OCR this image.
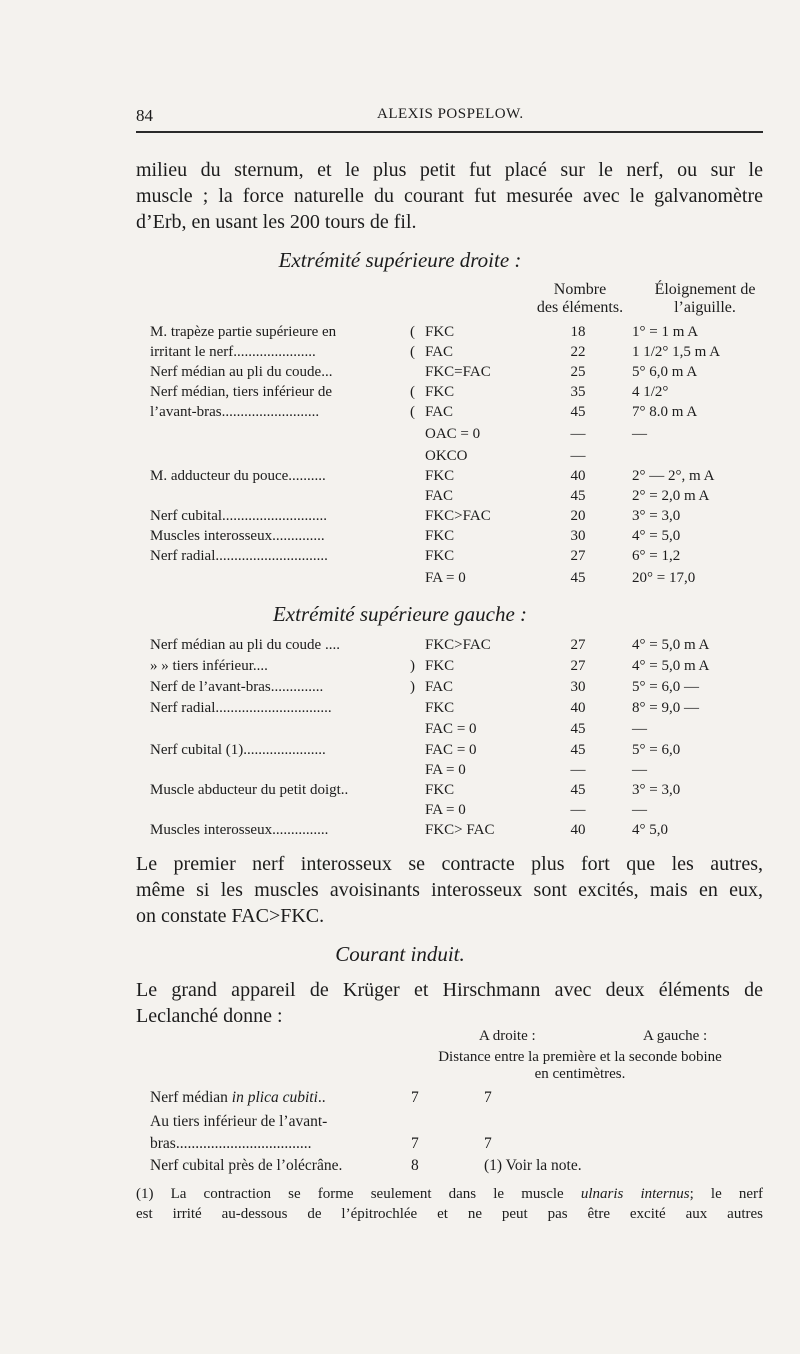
84	ALEXIS POSPELOW.
milieu du sternum, et le plus petit fut placé sur le nerf, ou sur le
muscle ; la force naturelle du courant fut mesurée avec le galvanomètre
d’Erb, en usant les 200 tours de fil.
Extrémité supérieure droite :
Nombre
des éléments.
Éloignement de
l’aiguille.
M. trapèze partie supérieure en	FKC	18	1° = 1 m A
(
irritant le nerf......................	FAC	22	1 1/2° 1,5 m A
(
Nerf médian au pli du coude...	FKC=FAC	25	5° 6,0 m A
Nerf médian, tiers inférieur de	FKC	35	4 1/2°
(
l’avant-bras..........................	FAC	45	7° 8.0 m A
(
OAC = 0	—	—
OKCO	—
M. adducteur du pouce..........	FKC	40	2° — 2°, m A
FAC	45	2° = 2,0 m A
Nerf cubital............................	FKC>FAC	20	3° = 3,0
Muscles interosseux..............	FKC	30	4° = 5,0
Nerf radial..............................	FKC	27	6° = 1,2
FA = 0	45	20° = 17,0
Extrémité supérieure gauche :
Nerf médian au pli du coude ....	FKC>FAC	27	4° = 5,0 m A
» » tiers inférieur....	FKC	27	4° = 5,0 m A
)
Nerf de l’avant-bras..............	FAC	30	5° = 6,0 —
)
Nerf radial...............................	FKC	40	8° = 9,0 —
FAC = 0	45	—
Nerf cubital (1)......................	FAC = 0	45	5° = 6,0
FA = 0	—	—
Muscle abducteur du petit doigt..	FKC	45	3° = 3,0
FA = 0	—	—
Muscles interosseux...............	FKC> FAC	40	4° 5,0
Le premier nerf interosseux se contracte plus fort que les autres,
même si les muscles avoisinants interosseux sont excités, mais en eux,
on constate FAC>FKC.
Courant induit.
Le grand appareil de Krüger et Hirschmann avec deux éléments de
Leclanché donne :
A droite :	A gauche :
Distance entre la première et la seconde bobine
en centimètres.
Nerf médian in plica cubiti..	7	7
Au tiers inférieur de l’avant-
bras...................................	7	7
Nerf cubital près de l’olécrâne.	8	(1) Voir la note.
(1) La contraction se forme seulement dans le muscle ulnaris internus; le nerf
est irrité au-dessous de l’épitrochlée et ne peut pas être excité aux autres
